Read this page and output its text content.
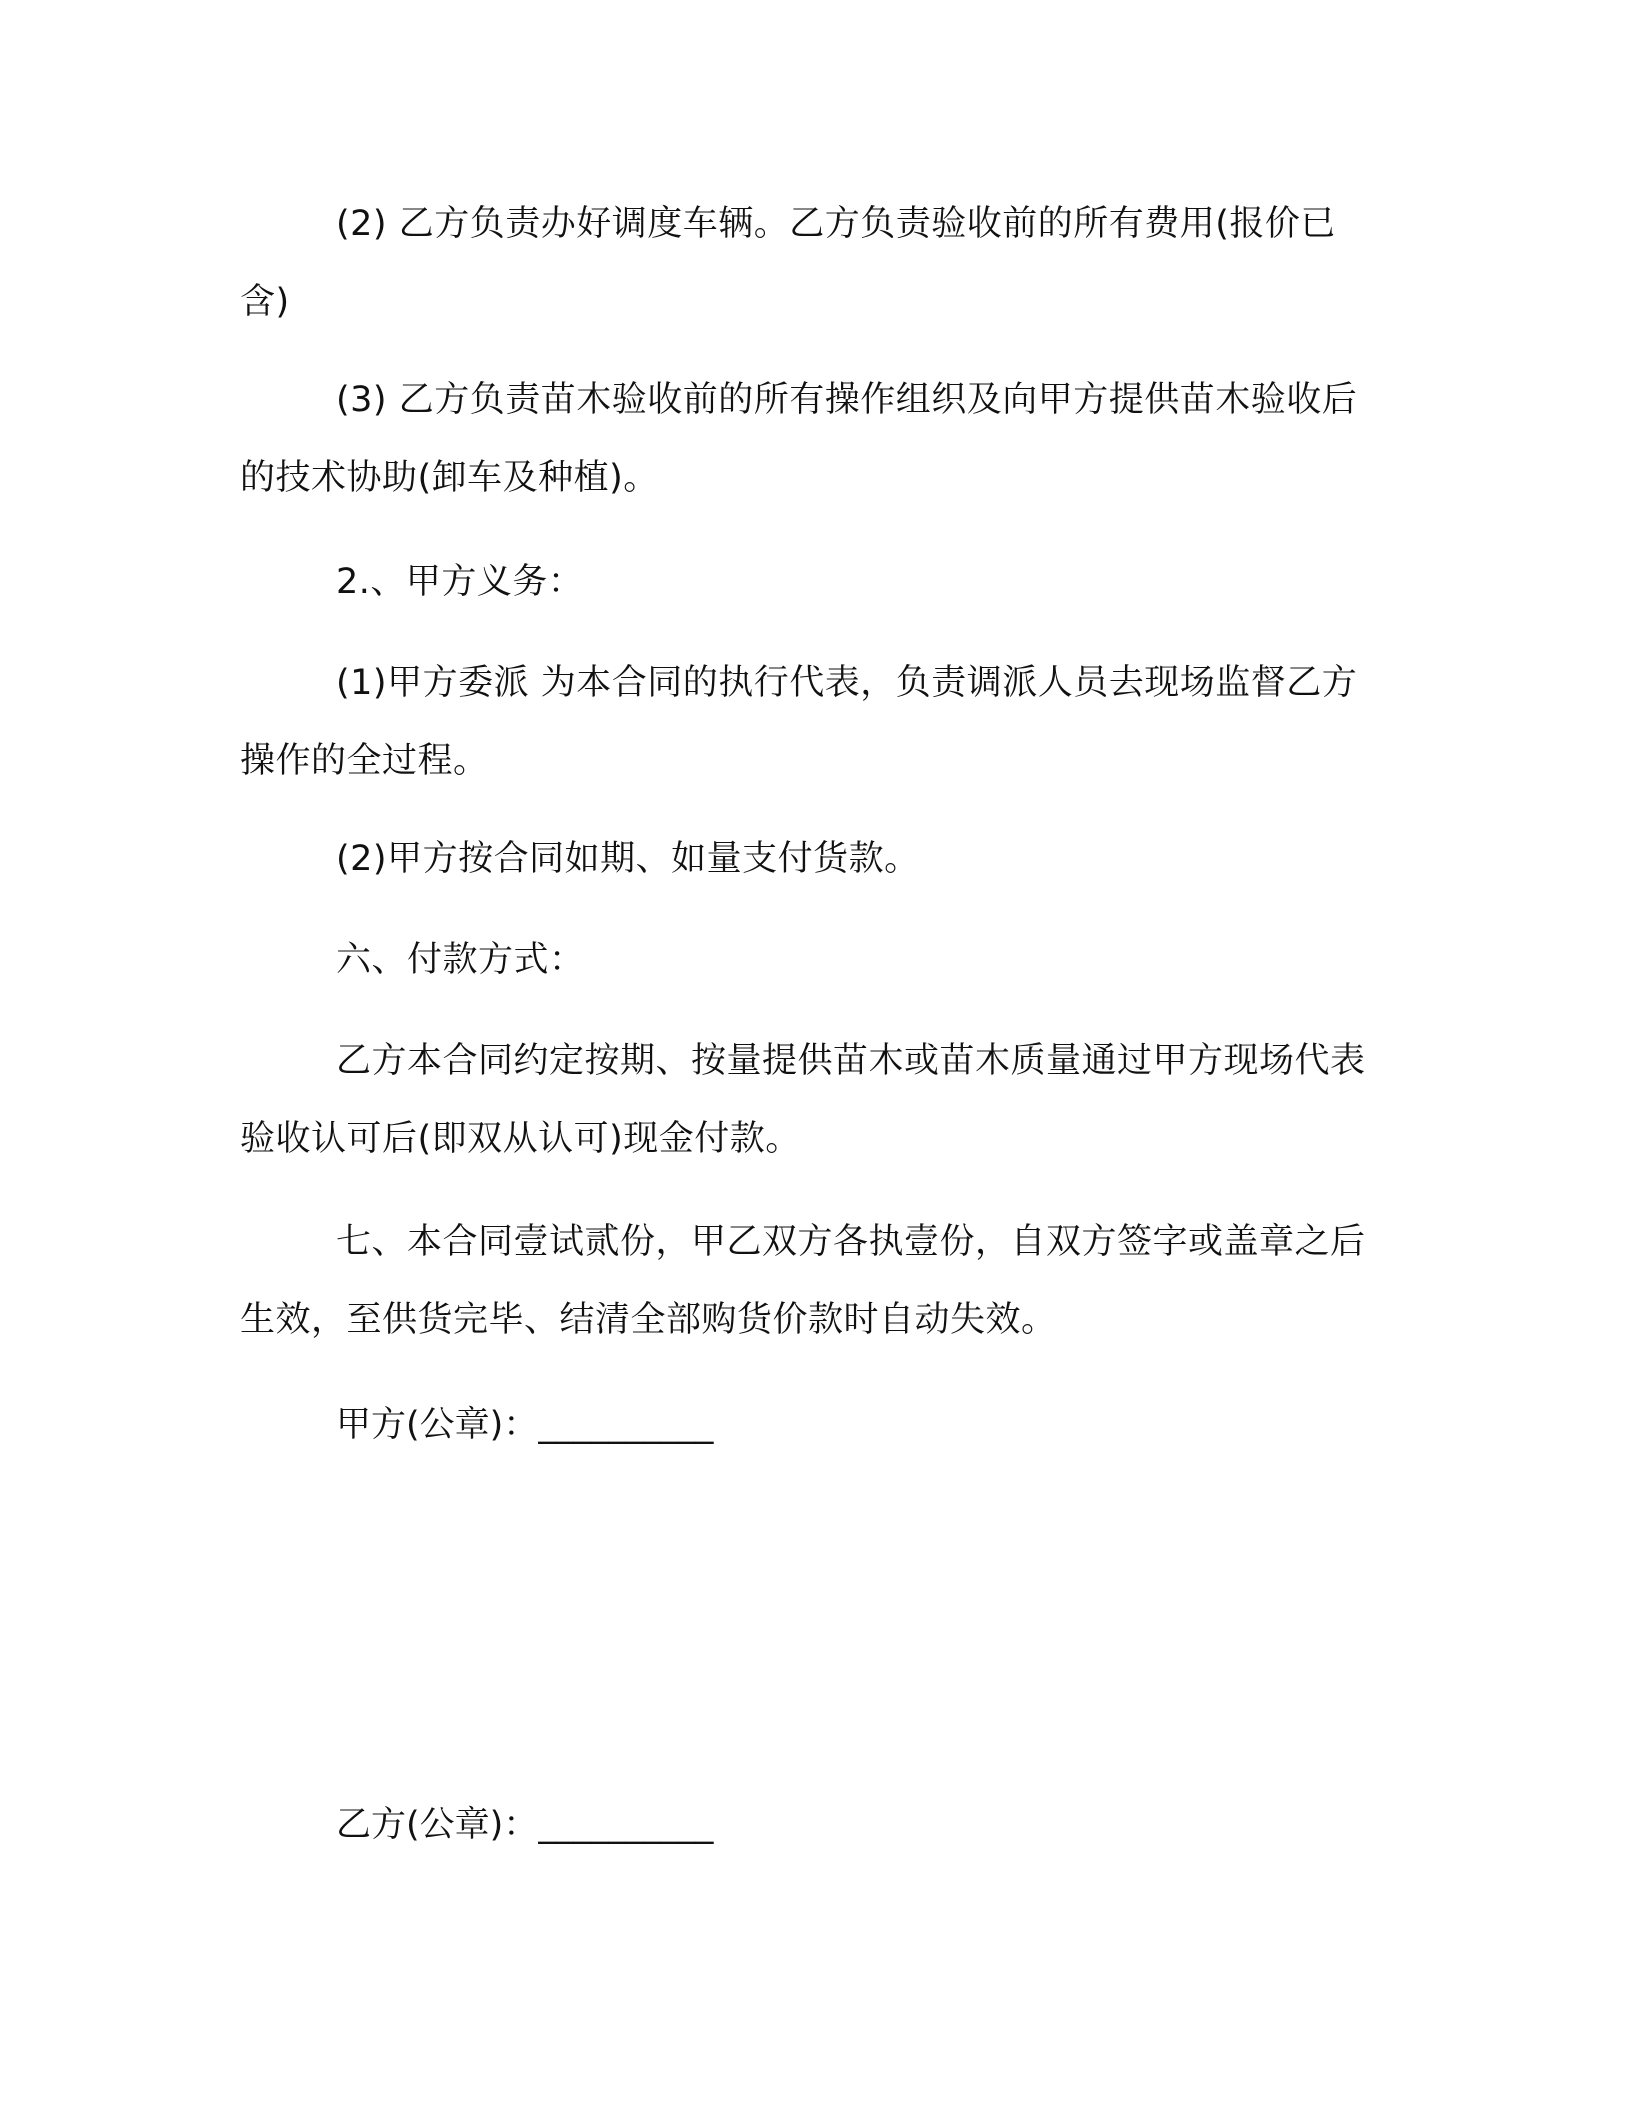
(2) 乙方负责办好调度车辆。乙方负责验收前的所有费用(报价已含)

(3) 乙方负责苗木验收前的所有操作组织及向甲方提供苗木验收后的技术协助(卸车及种植)。

2.、甲方义务：

(1)甲方委派 为本合同的执行代表，负责调派人员去现场监督乙方操作的全过程。

(2)甲方按合同如期、如量支付货款。

六、付款方式：

乙方本合同约定按期、按量提供苗木或苗木质量通过甲方现场代表验收认可后(即双从认可)现金付款。

七、本合同壹试贰份，甲乙双方各执壹份，自双方签字或盖章之后生效，至供货完毕、结清全部购货价款时自动失效。

甲方(公章)：__________

乙方(公章)：__________
